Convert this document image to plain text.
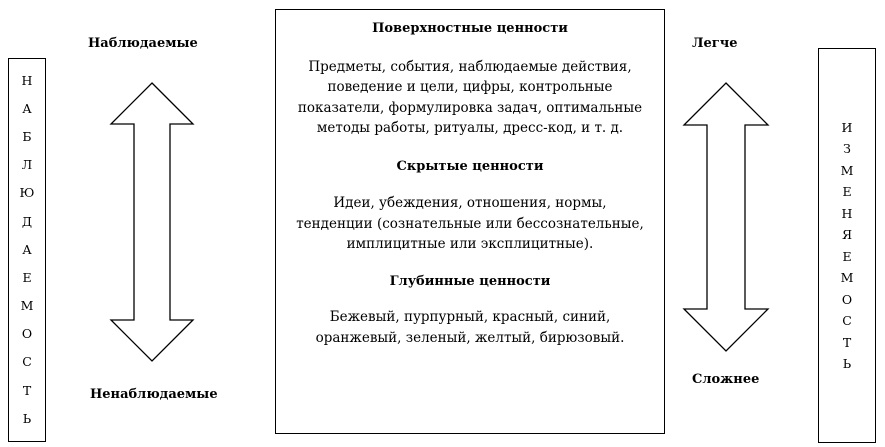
Н
А
Б
Л
Ю
Д
А
Е
М
О
С
Т
Ь
Наблюдаемые
Ненаблюдаемые
Поверхностные ценности
Предметы, события, наблюдаемые действия, поведение и цели, цифры, контрольные показатели, формулировка задач, оптимальные методы работы, ритуалы, дресс-код, и т. д.
Скрытые ценности
Идеи, убеждения, отношения, нормы, тенденции (сознательные или бессознательные, имплицитные или эксплицитные).
Глубинные ценности
Бежевый, пурпурный, красный, синий, оранжевый, зеленый, желтый, бирюзовый.
Легче
Сложнее
И
З
М
Е
Н
Я
Е
М
О
С
Т
Ь
